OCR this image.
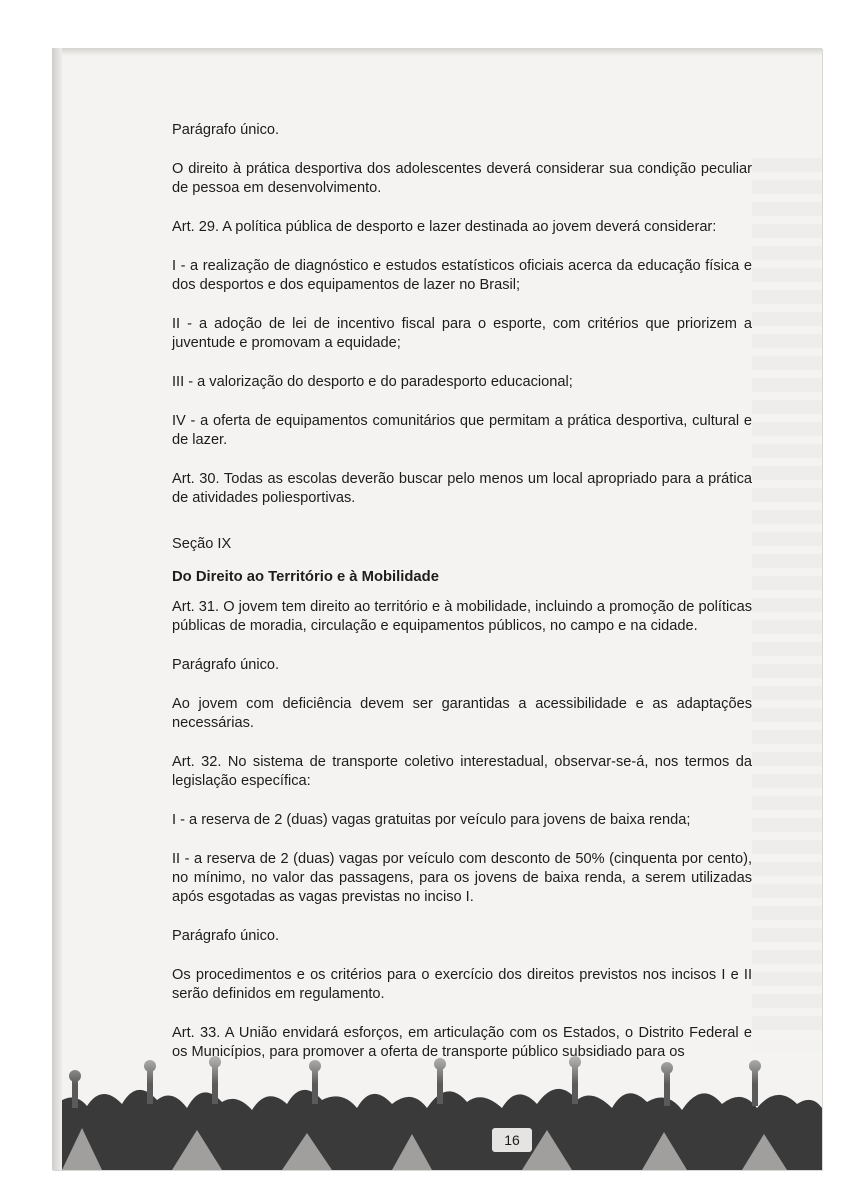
16

Parágrafo único.

O direito à prática desportiva dos adolescentes deverá considerar sua condição peculiar de pessoa em desenvolvimento.

Art. 29. A política pública de desporto e lazer destinada ao jovem deverá considerar:

I - a realização de diagnóstico e estudos estatísticos oficiais acerca da educação física e dos desportos e dos equipamentos de lazer no Brasil;

II - a adoção de lei de incentivo fiscal para o esporte, com critérios que priorizem a juventude e promovam a equidade;

III - a valorização do desporto e do paradesporto educacional;

IV - a oferta de equipamentos comunitários que permitam a prática desportiva, cultural e de lazer.

Art. 30. Todas as escolas deverão buscar pelo menos um local apropriado para a prática de atividades poliesportivas.

Seção IX

Do Direito ao Território e à Mobilidade

Art. 31. O jovem tem direito ao território e à mobilidade, incluindo a promoção de políticas públicas de moradia, circulação e equipamentos públicos, no campo e na cidade.

Parágrafo único.

Ao jovem com deficiência devem ser garantidas a acessibilidade e as adaptações necessárias.

Art. 32. No sistema de transporte coletivo interestadual, observar-se-á, nos termos da legislação específica:

I - a reserva de 2 (duas) vagas gratuitas por veículo para jovens de baixa renda;

II - a reserva de 2 (duas) vagas por veículo com desconto de 50% (cinquenta por cento), no mínimo, no valor das passagens, para os jovens de baixa renda, a serem utilizadas após esgotadas as vagas previstas no inciso I.

Parágrafo único.

Os procedimentos e os critérios para o exercício dos direitos previstos nos incisos I e II serão definidos em regulamento.

Art. 33. A União envidará esforços, em articulação com os Estados, o Distrito Federal e os Municípios, para promover a oferta de transporte público subsidiado para os
